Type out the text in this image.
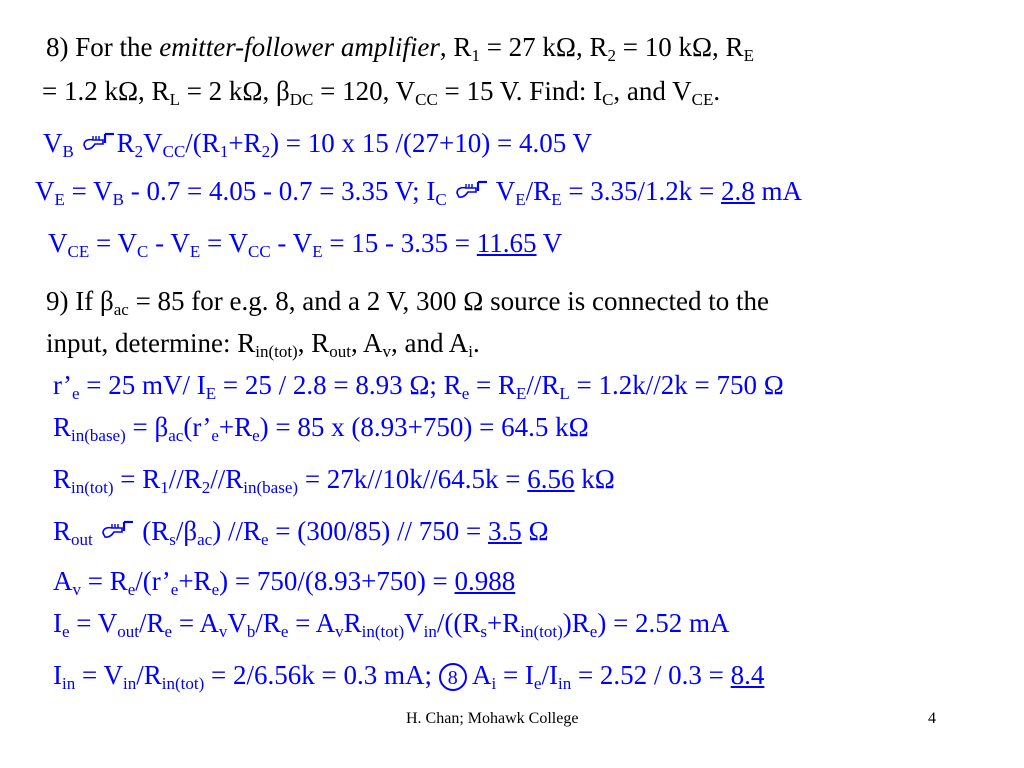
8) For the emitter-follower amplifier, $R_1 = 27$ kΩ, $R_2 = 10$ kΩ, $R_E$
= 1.2 kΩ, $R_L = 2$ kΩ, $\beta_{DC} = 120$, $V_{CC} = 15$ V. Find: $I_C$, and $V_{CE}$.
$V_B$ $R_2V_{CC}/(R_1+R_2) = 10$ x 15 /(27+10) = 4.05 V
$V_E = V_B - 0.7 = 4.05 - 0.7 = 3.35$ V; $I_C$  $V_E/R_E = 3.35/1.2k = 2.8$ mA
$V_{CE} = V_C - V_E = V_{CC} - V_E = 15 - 3.35 = 11.65$ V
9) If $\beta_{ac} = 85$ for e.g. 8, and a 2 V, 300 Ω source is connected to the
input, determine: $R_{in(tot)}$, $R_{out}$, $A_v$, and $A_i$.
$r’_e = 25$ mV/ $I_E = 25 / 2.8 = 8.93$ Ω; $R_e = R_E//R_L = 1.2k//2k = 750$ Ω
$R_{in(base)}$ = $\beta_{ac}(r’_e+R_e) = 85$ x (8.93+750) = 64.5 kΩ
$R_{in(tot)} = R_1//R_2//R_{in(base)} = 27k//10k//64.5k = 6.56$ kΩ
$R_{out}$  $(R_s/\beta_{ac}) //R_e = (300/85) // 750 = 3.5$ Ω
$A_v$ = $R_e/(r’_e+R_e) = 750/(8.93+750) = 0.988$
$I_e = V_{out}/R_e = A_vV_b/R_e = A_vR_{in(tot)}V_{in}/((R_s+R_{in(tot)})R_e) = 2.52$ mA
$I_{in} = V_{in}/R_{in(tot)} = 2/6.56k = 0.3$ mA; 8 $A_i = I_e/I_{in} = 2.52 / 0.3 = 8.4$
H. Chan; Mohawk College	4
